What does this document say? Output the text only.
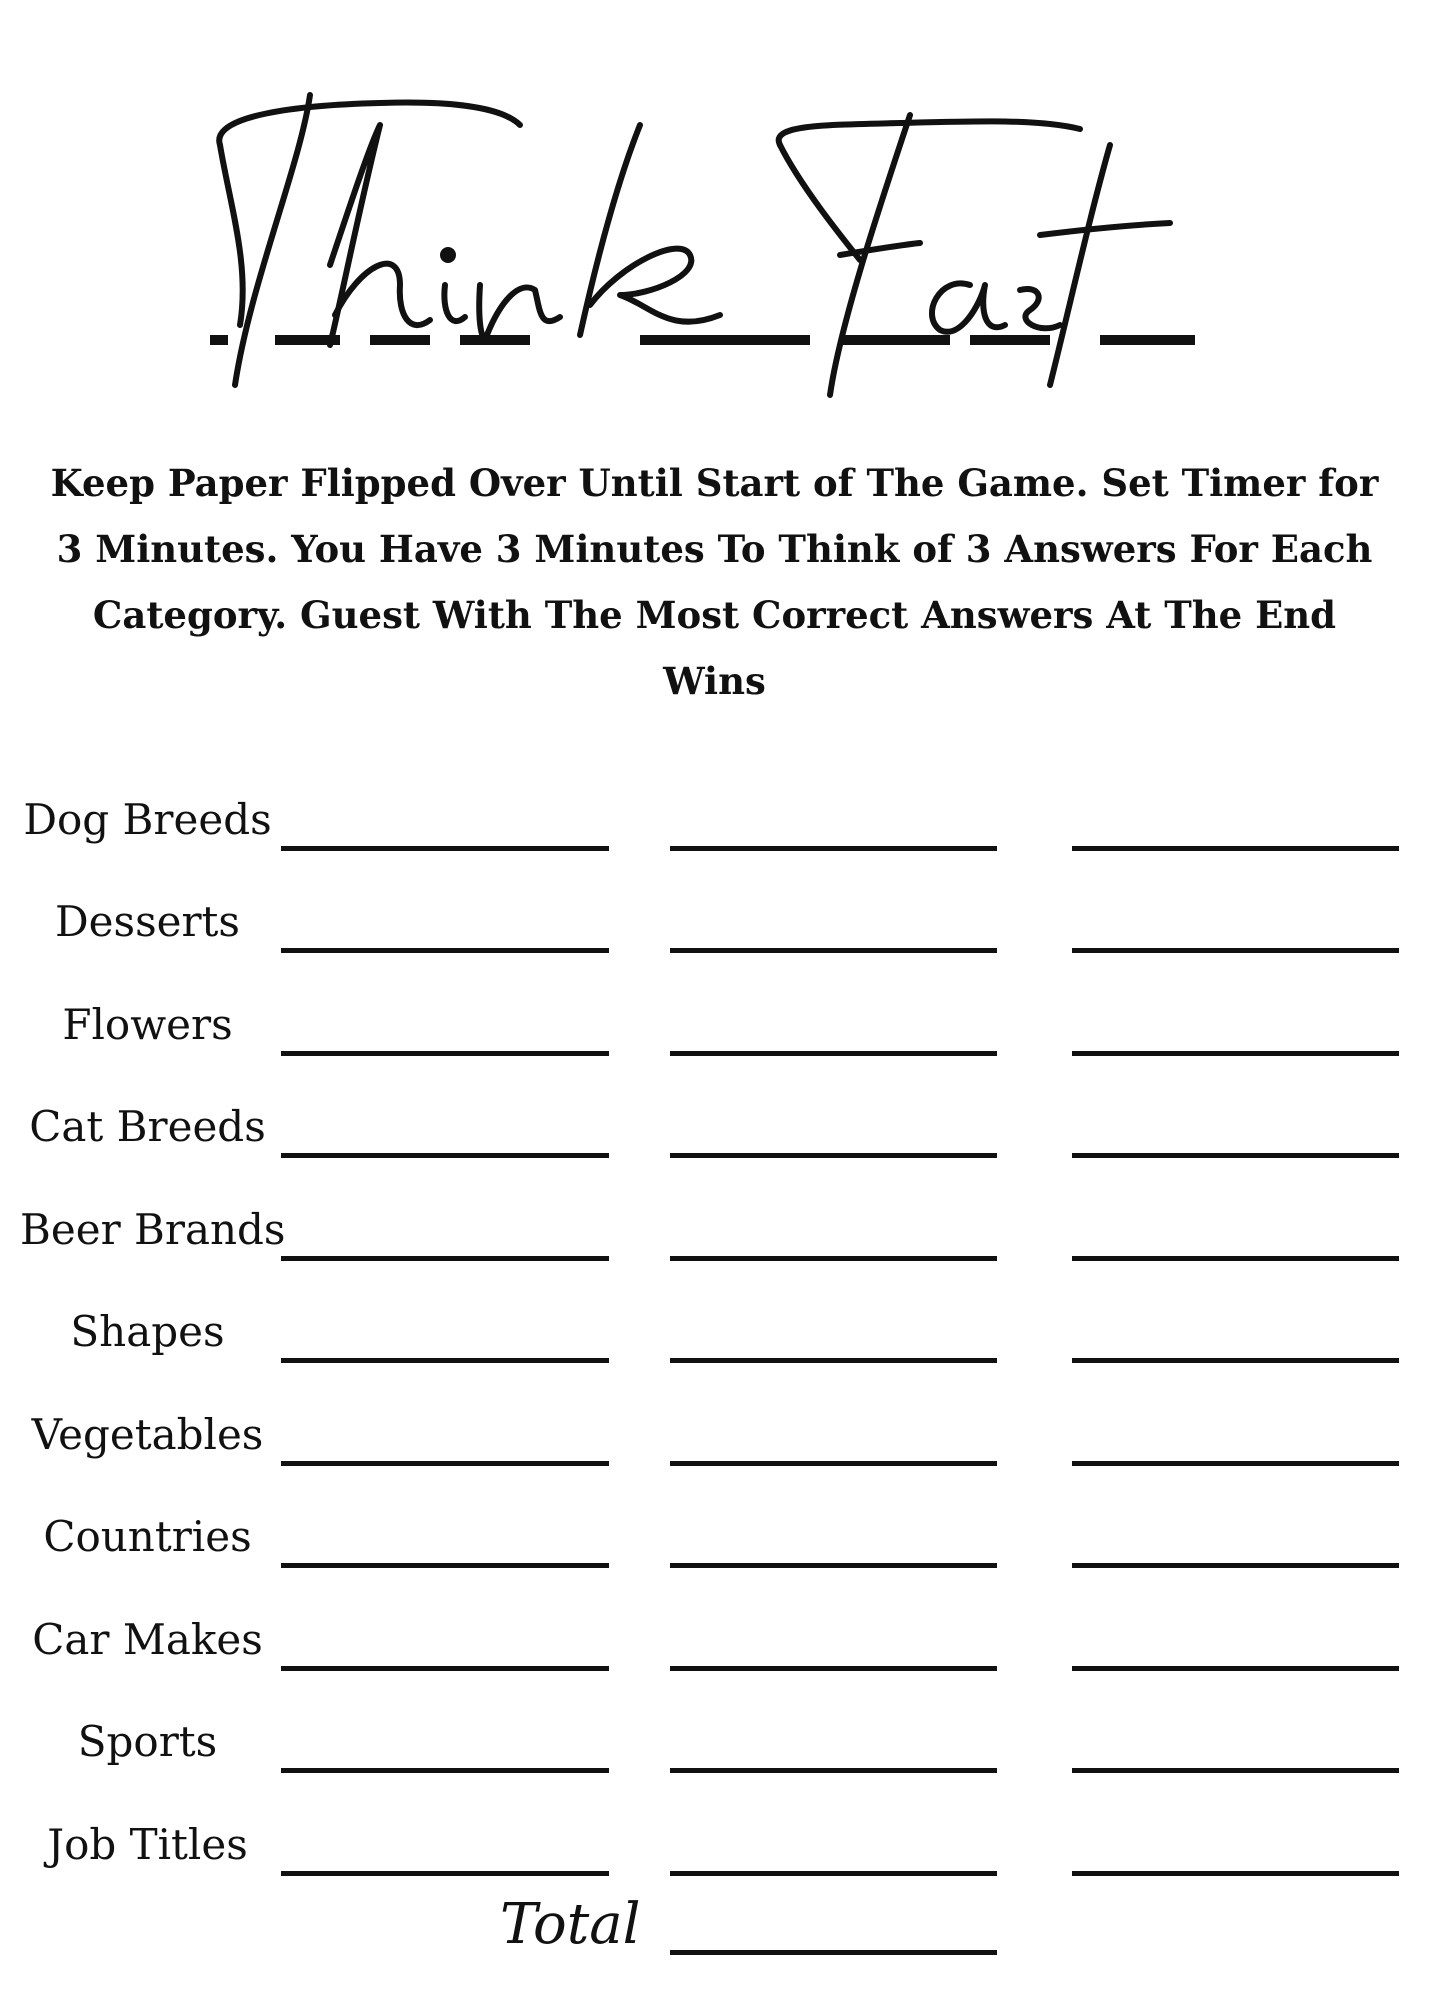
Keep Paper Flipped Over Until Start of The Game. Set Timer for 3 Minutes. You Have 3 Minutes To Think of 3 Answers For Each Category. Guest With The Most Correct Answers At The End Wins
Dog Breeds
Desserts
Flowers
Cat Breeds
Beer Brands
Shapes
Vegetables
Countries
Car Makes
Sports
Job Titles
Total
